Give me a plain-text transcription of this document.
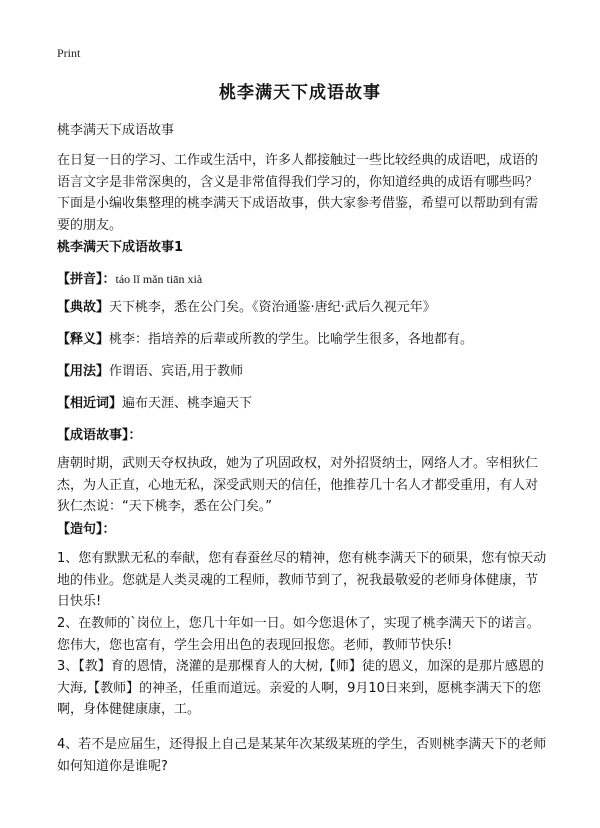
Print
桃李满天下成语故事
桃李满天下成语故事
在日复一日的学习、工作或生活中，许多人都接触过一些比较经典的成语吧，成语的语言文字是非常深奥的，含义是非常值得我们学习的，你知道经典的成语有哪些吗？下面是小编收集整理的桃李满天下成语故事，供大家参考借鉴，希望可以帮助到有需要的朋友。
桃李满天下成语故事1
【拼音】：táo lǐ mǎn tiān xià
【典故】天下桃李，悉在公门矣。《资治通鉴·唐纪·武后久视元年》
【释义】桃李：指培养的后辈或所教的学生。比喻学生很多，各地都有。
【用法】作谓语、宾语,用于教师
【相近词】遍布天涯、桃李遍天下
【成语故事】：
唐朝时期，武则天夺权执政，她为了巩固政权，对外招贤纳士，网络人才。宰相狄仁杰，为人正直，心地无私，深受武则天的信任，他推荐几十名人才都受重用，有人对狄仁杰说：“天下桃李，悉在公门矣。”
【造句】：
1、您有默默无私的奉献，您有春蚕丝尽的精神，您有桃李满天下的硕果，您有惊天动地的伟业。您就是人类灵魂的工程师，教师节到了，祝我最敬爱的老师身体健康，节日快乐!
2、在教师的`岗位上，您几十年如一日。如今您退休了，实现了桃李满天下的诺言。您伟大，您也富有，学生会用出色的表现回报您。老师，教师节快乐!
3、【教】育的恩情，浇灌的是那棵育人的大树,【师】徒的恩义，加深的是那片感恩的大海,【教师】的神圣，任重而道远。亲爱的人啊，9月10日来到，愿桃李满天下的您啊，身体健健康康，工。
4、若不是应届生，还得报上自己是某某年次某级某班的学生，否则桃李满天下的老师如何知道你是谁呢?
